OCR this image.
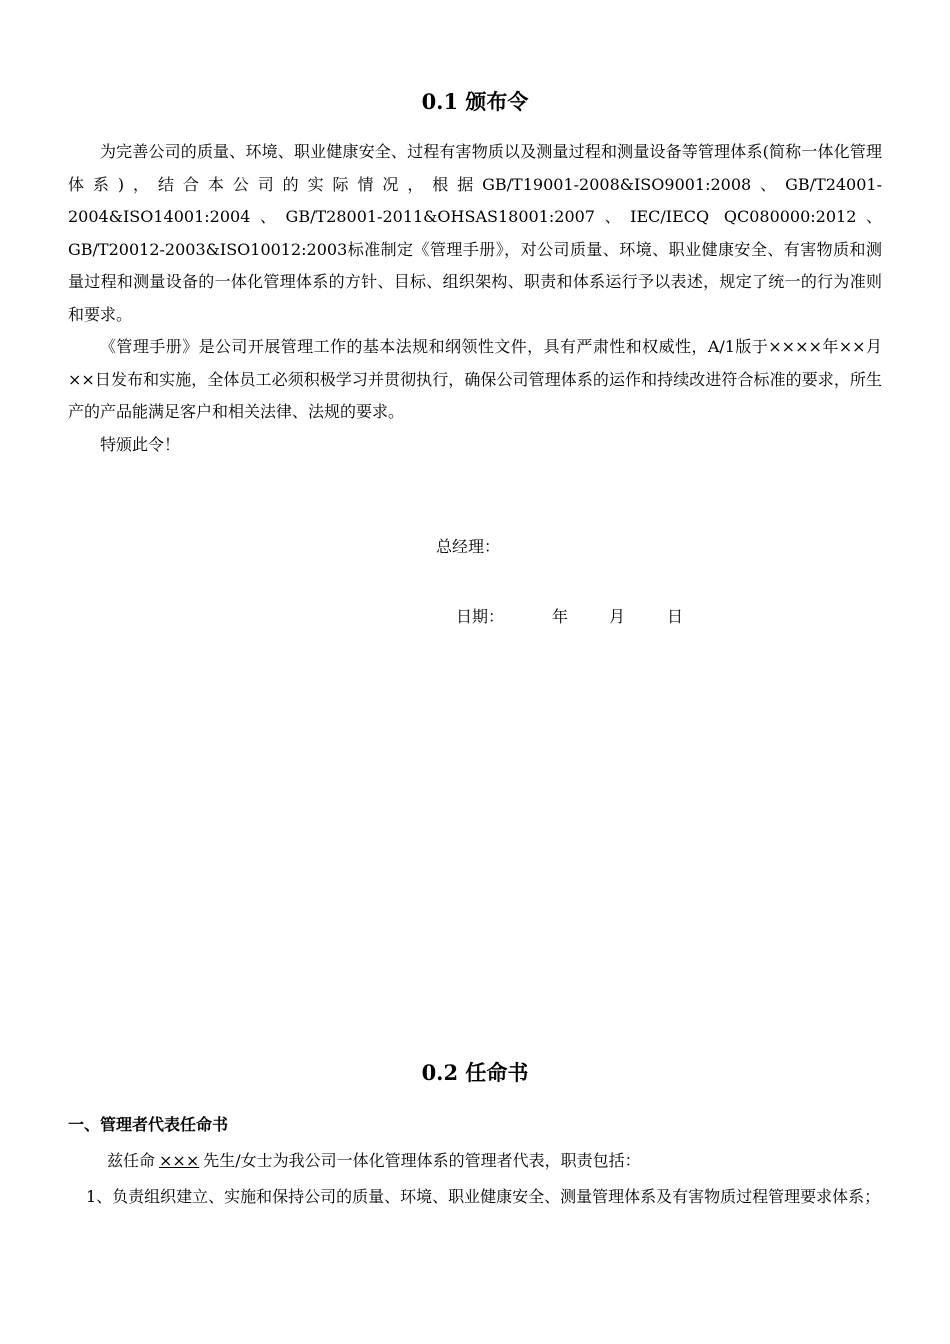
0.1 颁布令

为完善公司的质量、环境、职业健康安全、过程有害物质以及测量过程和测量设备等管理体系(简称一体化管理体系)，结合本公司的实际情况，根据GB/T19001-2008&ISO9001:2008、GB/T24001-2004&ISO14001:2004、GB/T28001-2011&OHSAS18001:2007、IEC/IECQ QC080000:2012、GB/T20012-2003&ISO10012:2003标准制定《管理手册》，对公司质量、环境、职业健康安全、有害物质和测量过程和测量设备的一体化管理体系的方针、目标、组织架构、职责和体系运行予以表述，规定了统一的行为准则和要求。

《管理手册》是公司开展管理工作的基本法规和纲领性文件，具有严肃性和权威性，A/1版于××××年××月××日发布和实施，全体员工必须积极学习并贯彻执行，确保公司管理体系的运作和持续改进符合标准的要求，所生产的产品能满足客户和相关法律、法规的要求。

特颁此令！

总经理：
日期：	年	月	日
0.2 任命书
一、管理者代表任命书
兹任命 ××× 先生/女士为我公司一体化管理体系的管理者代表，职责包括：
1、负责组织建立、实施和保持公司的质量、环境、职业健康安全、测量管理体系及有害物质过程管理要求体系；
